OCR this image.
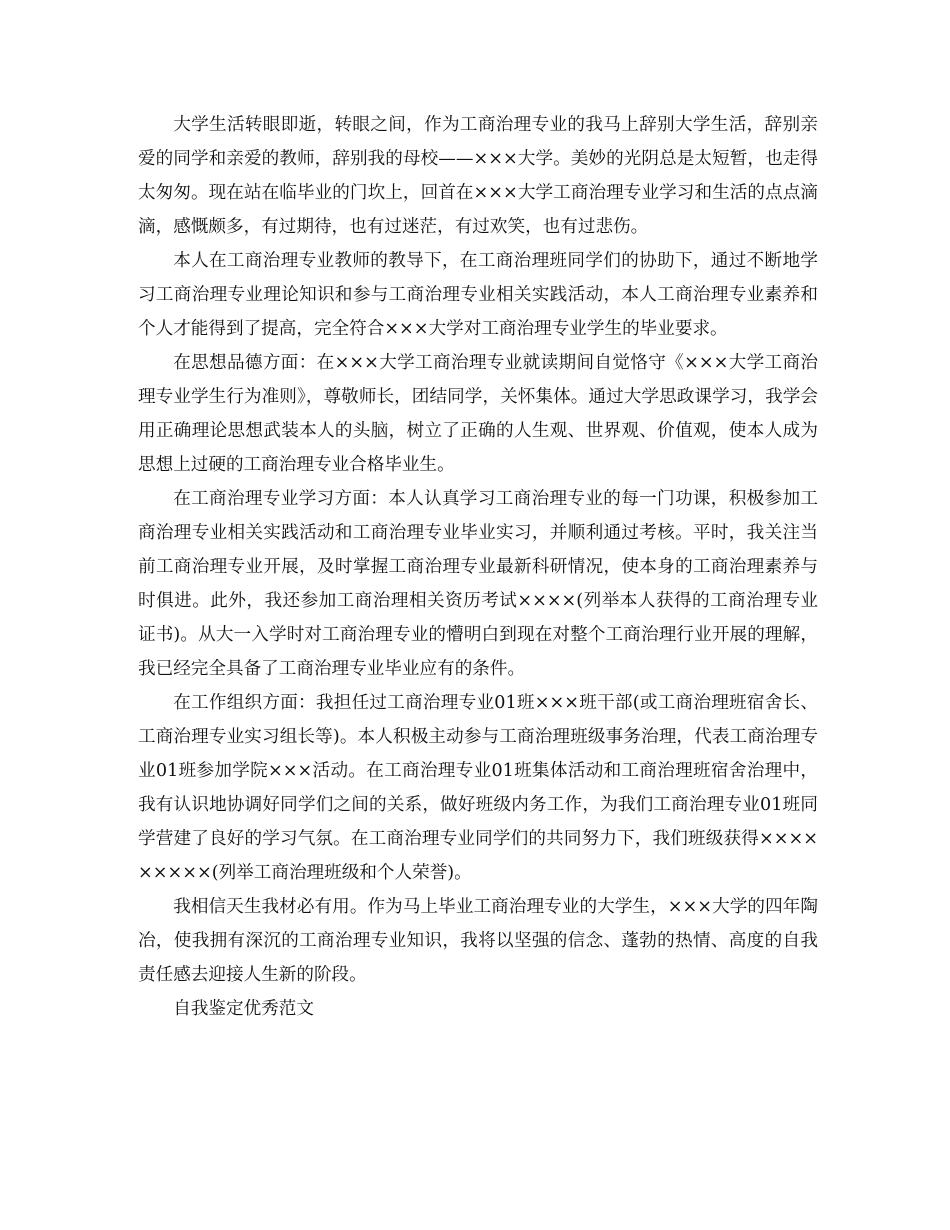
大学生活转眼即逝，转眼之间，作为工商治理专业的我马上辞别大学生活，辞别亲爱的同学和亲爱的教师，辞别我的母校——×××大学。美妙的光阴总是太短暂，也走得太匆匆。现在站在临毕业的门坎上，回首在×××大学工商治理专业学习和生活的点点滴滴，感慨颇多，有过期待，也有过迷茫，有过欢笑，也有过悲伤。

本人在工商治理专业教师的教导下，在工商治理班同学们的协助下，通过不断地学习工商治理专业理论知识和参与工商治理专业相关实践活动，本人工商治理专业素养和个人才能得到了提高，完全符合×××大学对工商治理专业学生的毕业要求。

在思想品德方面：在×××大学工商治理专业就读期间自觉恪守《×××大学工商治理专业学生行为准则》，尊敬师长，团结同学，关怀集体。通过大学思政课学习，我学会用正确理论思想武装本人的头脑，树立了正确的人生观、世界观、价值观，使本人成为思想上过硬的工商治理专业合格毕业生。

在工商治理专业学习方面：本人认真学习工商治理专业的每一门功课，积极参加工商治理专业相关实践活动和工商治理专业毕业实习，并顺利通过考核。平时，我关注当前工商治理专业开展，及时掌握工商治理专业最新科研情况，使本身的工商治理素养与时俱进。此外，我还参加工商治理相关资历考试××××(列举本人获得的工商治理专业证书)。从大一入学时对工商治理专业的懵明白到现在对整个工商治理行业开展的理解，我已经完全具备了工商治理专业毕业应有的条件。

在工作组织方面：我担任过工商治理专业01班×××班干部(或工商治理班宿舍长、工商治理专业实习组长等)。本人积极主动参与工商治理班级事务治理，代表工商治理专业01班参加学院×××活动。在工商治理专业01班集体活动和工商治理班宿舍治理中，我有认识地协调好同学们之间的关系，做好班级内务工作，为我们工商治理专业01班同学营建了良好的学习气氛。在工商治理专业同学们的共同努力下，我们班级获得×××××××××(列举工商治理班级和个人荣誉)。

我相信天生我材必有用。作为马上毕业工商治理专业的大学生，×××大学的四年陶冶，使我拥有深沉的工商治理专业知识，我将以坚强的信念、蓬勃的热情、高度的自我责任感去迎接人生新的阶段。

自我鉴定优秀范文
